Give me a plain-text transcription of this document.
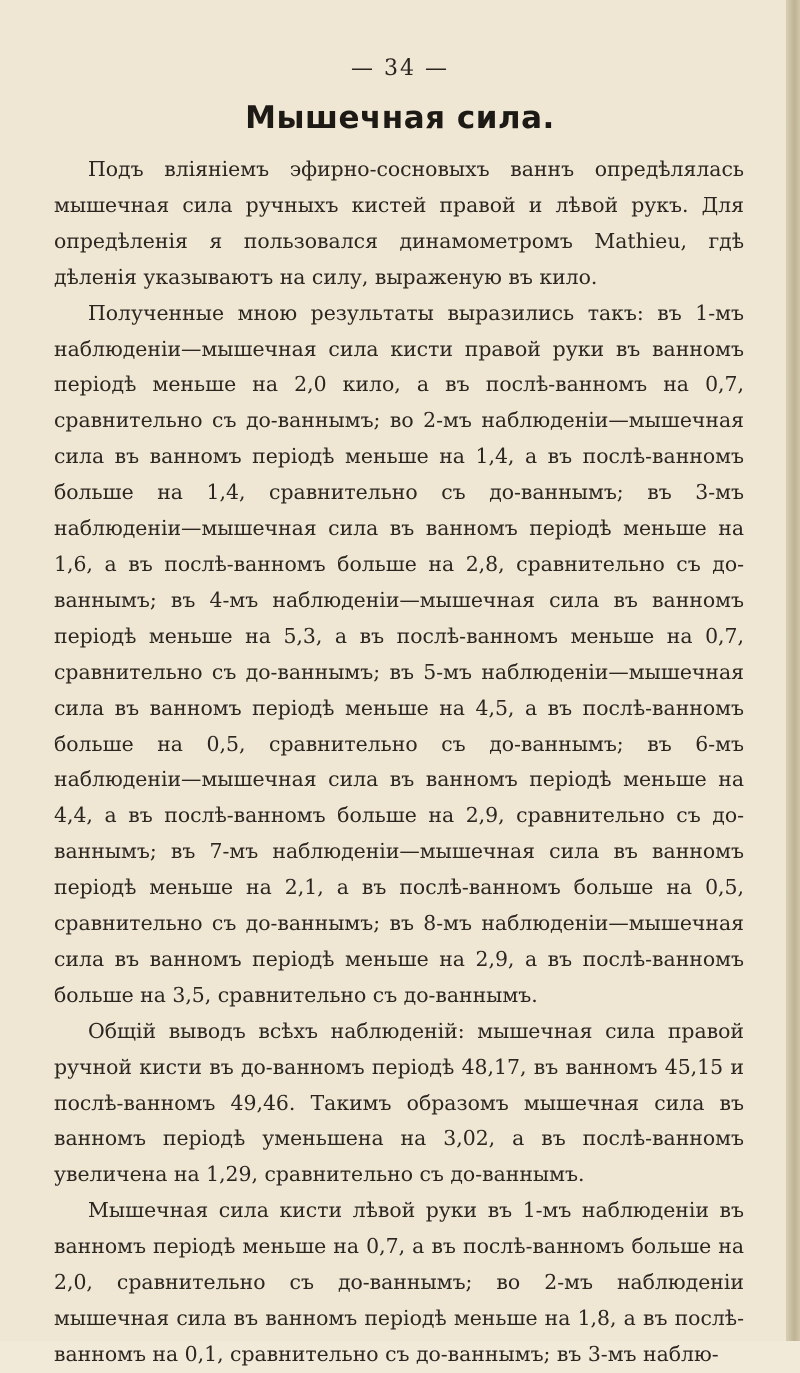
— 34 —
Мышечная сила.

Подъ вліяніемъ эфирно-сосновыхъ ваннъ опредѣлялась мышечная сила ручныхъ кистей правой и лѣвой рукъ. Для опредѣленія я пользовался динамометромъ Mathieu, гдѣ дѣленія указываютъ на силу, выраженую въ кило.

Полученные мною результаты выразились такъ: въ 1-мъ наблюденіи—мышечная сила кисти правой руки въ ванномъ періодѣ меньше на 2,0 кило, а въ послѣ-ванномъ на 0,7, сравнительно съ до-ваннымъ; во 2-мъ наблюденіи—мышечная сила въ ванномъ періодѣ меньше на 1,4, а въ послѣ-ванномъ больше на 1,4, сравнительно съ до-ваннымъ; въ 3-мъ наблюденіи—мышечная сила въ ванномъ періодѣ меньше на 1,6, а въ послѣ-ванномъ больше на 2,8, сравнительно съ до-ваннымъ; въ 4-мъ наблюденіи—мышечная сила въ ванномъ періодѣ меньше на 5,3, а въ послѣ-ванномъ меньше на 0,7, сравнительно съ до-ваннымъ; въ 5-мъ наблюденіи—мышечная сила въ ванномъ періодѣ меньше на 4,5, а въ послѣ-ванномъ больше на 0,5, сравнительно съ до-ваннымъ; въ 6-мъ наблюденіи—мышечная сила въ ванномъ періодѣ меньше на 4,4, а въ послѣ-ванномъ больше на 2,9, сравнительно съ до-ваннымъ; въ 7-мъ наблюденіи—мышечная сила въ ванномъ періодѣ меньше на 2,1, а въ послѣ-ванномъ больше на 0,5, сравнительно съ до-ваннымъ; въ 8-мъ наблюденіи—мышечная сила въ ванномъ періодѣ меньше на 2,9, а въ послѣ-ванномъ больше на 3,5, сравнительно съ до-ваннымъ.

Общій выводъ всѣхъ наблюденій: мышечная сила правой ручной кисти въ до-ванномъ періодѣ 48,17, въ ванномъ 45,15 и послѣ-ванномъ 49,46. Такимъ образомъ мышечная сила въ ванномъ періодѣ уменьшена на 3,02, а въ послѣ-ванномъ увеличена на 1,29, сравнительно съ до-ваннымъ.

Мышечная сила кисти лѣвой руки въ 1-мъ наблюденіи въ ванномъ періодѣ меньше на 0,7, а въ послѣ-ванномъ больше на 2,0, сравнительно съ до-ваннымъ; во 2-мъ наблюденіи мышечная сила въ ванномъ періодѣ меньше на 1,8, а въ послѣ-ванномъ на 0,1, сравнительно съ до-ваннымъ; въ 3-мъ наблю-
